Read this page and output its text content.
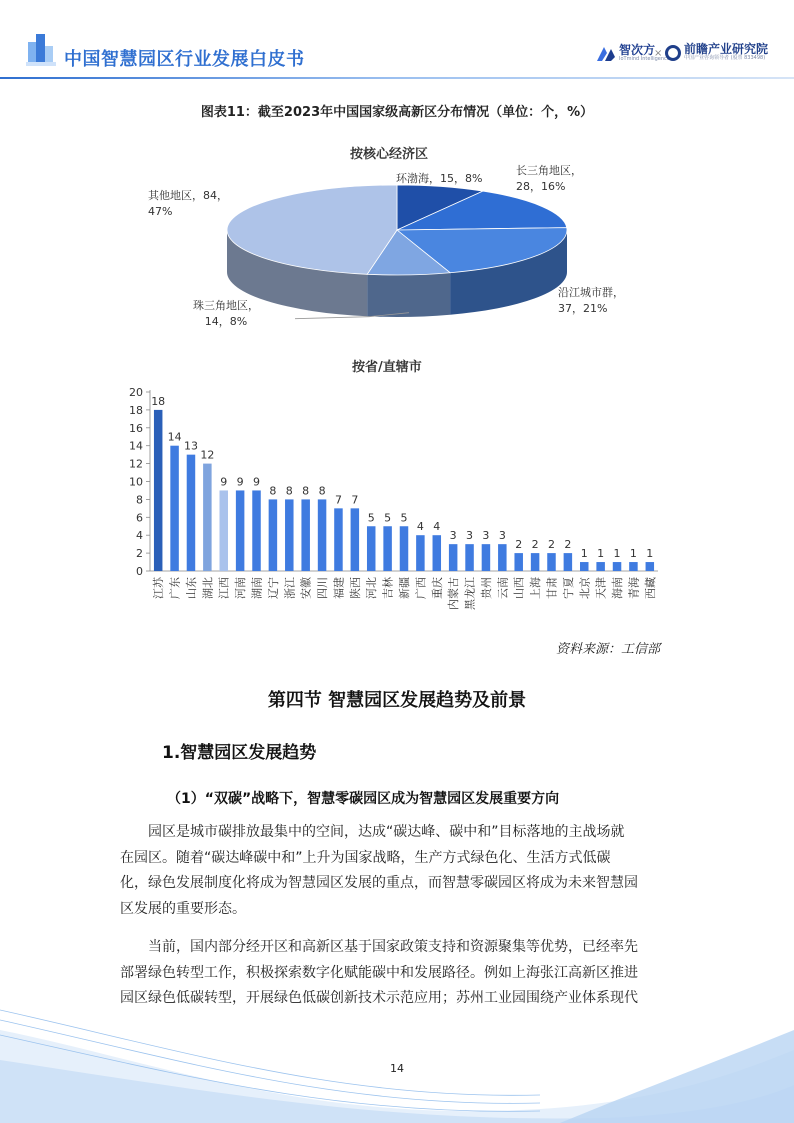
中国智慧园区行业发展白皮书	智次方
IoTmind Intelligence
× 前瞻产业研究院
中国产业咨询领导者 (股票 833498)
图表11：截至2023年中国国家级高新区分布情况（单位：个，%）
按核心经济区
环渤海，15，8%
长三角地区，
28，16%
沿江城市群，
37，21%
珠三角地区，
14，8%
其他地区，84，
47%
按省/直辖市
0
2
4
6
8
10
12
14
16
18
20
18
江苏
14
广东
13
山东
12
湖北
9
江西
9
河南
9
湖南
8
辽宁
8
浙江
8
安徽
8
四川
7
福建
7
陕西
5
河北
5
吉林
5
新疆
4
广西
4
重庆
3
内蒙古
3
黑龙江
3
贵州
3
云南
2
山西
2
上海
2
甘肃
2
宁夏
1
北京
1
天津
1
海南
1
青海
1
西藏
资料来源：工信部
第四节 智慧园区发展趋势及前景
1.智慧园区发展趋势
（1）“双碳”战略下，智慧零碳园区成为智慧园区发展重要方向
　　园区是城市碳排放最集中的空间，达成“碳达峰、碳中和”目标落地的主战场就
在园区。随着“碳达峰碳中和”上升为国家战略，生产方式绿色化、生活方式低碳
化，绿色发展制度化将成为智慧园区发展的重点，而智慧零碳园区将成为未来智慧园
区发展的重要形态。
　　当前，国内部分经开区和高新区基于国家政策支持和资源聚集等优势，已经率先
部署绿色转型工作，积极探索数字化赋能碳中和发展路径。例如上海张江高新区推进
园区绿色低碳转型，开展绿色低碳创新技术示范应用；苏州工业园围绕产业体系现代
14
